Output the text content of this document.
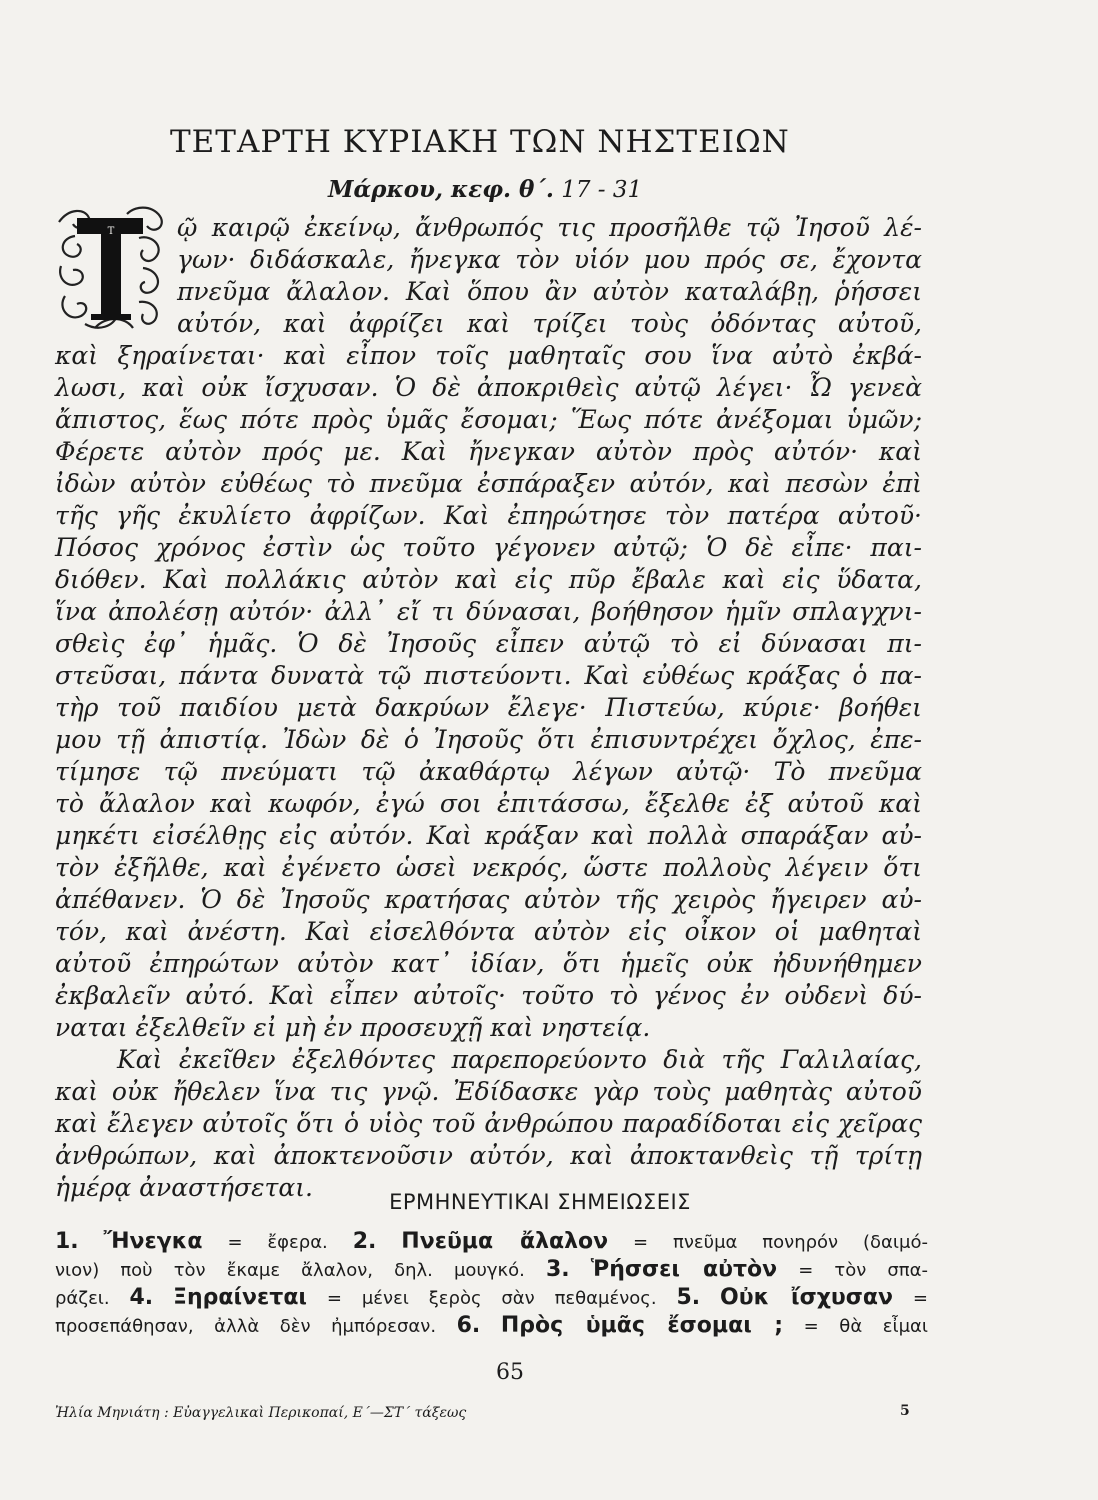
ΤΕΤΑΡΤΗ ΚΥΡΙΑΚΗ ΤΩΝ ΝΗΣΤΕΙΩΝ
Μάρκου, κεφ. θ΄. 17 - 31
Τ	ῷ καιρῷ ἐκείνῳ, ἄνθρωπός τις προσῆλθε τῷ Ἰησοῦ λέ-
γων· διδάσκαλε, ἤνεγκα τὸν υἱόν μου πρός σε, ἔχοντα
πνεῦμα ἄλαλον. Καὶ ὅπου ἂν αὐτὸν καταλάβῃ, ῥήσσει
αὐτόν, καὶ ἀφρίζει καὶ τρίζει τοὺς ὀδόντας αὐτοῦ,
καὶ ξηραίνεται· καὶ εἶπον τοῖς μαθηταῖς σου ἵνα αὐτὸ ἐκβά-
λωσι, καὶ οὐκ ἴσχυσαν. Ὁ δὲ ἀποκριθεὶς αὐτῷ λέγει· Ὦ γενεὰ
ἄπιστος, ἕως πότε πρὸς ὑμᾶς ἔσομαι; Ἕως πότε ἀνέξομαι ὑμῶν;
Φέρετε αὐτὸν πρός με. Καὶ ἤνεγκαν αὐτὸν πρὸς αὐτόν· καὶ
ἰδὼν αὐτὸν εὐθέως τὸ πνεῦμα ἐσπάραξεν αὐτόν, καὶ πεσὼν ἐπὶ
τῆς γῆς ἐκυλίετο ἀφρίζων. Καὶ ἐπηρώτησε τὸν πατέρα αὐτοῦ·
Πόσος χρόνος ἐστὶν ὡς τοῦτο γέγονεν αὐτῷ; Ὁ δὲ εἶπε· παι-
διόθεν. Καὶ πολλάκις αὐτὸν καὶ εἰς πῦρ ἔβαλε καὶ εἰς ὕδατα,
ἵνα ἀπολέσῃ αὐτόν· ἀλλ᾽ εἴ τι δύνασαι, βοήθησον ἡμῖν σπλαγχνι-
σθεὶς ἐφ᾽ ἡμᾶς. Ὁ δὲ Ἰησοῦς εἶπεν αὐτῷ τὸ εἰ δύνασαι πι-
στεῦσαι, πάντα δυνατὰ τῷ πιστεύοντι. Καὶ εὐθέως κράξας ὁ πα-
τὴρ τοῦ παιδίου μετὰ δακρύων ἔλεγε· Πιστεύω, κύριε· βοήθει
μου τῇ ἀπιστίᾳ. Ἰδὼν δὲ ὁ Ἰησοῦς ὅτι ἐπισυντρέχει ὄχλος, ἐπε-
τίμησε τῷ πνεύματι τῷ ἀκαθάρτῳ λέγων αὐτῷ· Τὸ πνεῦμα
τὸ ἄλαλον καὶ κωφόν, ἐγώ σοι ἐπιτάσσω, ἔξελθε ἐξ αὐτοῦ καὶ
μηκέτι εἰσέλθῃς εἰς αὐτόν. Καὶ κράξαν καὶ πολλὰ σπαράξαν αὐ-
τὸν ἐξῆλθε, καὶ ἐγένετο ὡσεὶ νεκρός, ὥστε πολλοὺς λέγειν ὅτι
ἀπέθανεν. Ὁ δὲ Ἰησοῦς κρατήσας αὐτὸν τῆς χειρὸς ἤγειρεν αὐ-
τόν, καὶ ἀνέστη. Καὶ εἰσελθόντα αὐτὸν εἰς οἶκον οἱ μαθηταὶ
αὐτοῦ ἐπηρώτων αὐτὸν κατ᾽ ἰδίαν, ὅτι ἡμεῖς οὐκ ἠδυνήθημεν
ἐκβαλεῖν αὐτό. Καὶ εἶπεν αὐτοῖς· τοῦτο τὸ γένος ἐν οὐδενὶ δύ-
ναται ἐξελθεῖν εἰ μὴ ἐν προσευχῇ καὶ νηστείᾳ.
Καὶ ἐκεῖθεν ἐξελθόντες παρεπορεύοντο διὰ τῆς Γαλιλαίας,
καὶ οὐκ ἤθελεν ἵνα τις γνῷ. Ἐδίδασκε γὰρ τοὺς μαθητὰς αὐτοῦ
καὶ ἔλεγεν αὐτοῖς ὅτι ὁ υἱὸς τοῦ ἀνθρώπου παραδίδοται εἰς χεῖρας
ἀνθρώπων, καὶ ἀποκτενοῦσιν αὐτόν, καὶ ἀποκτανθεὶς τῇ τρίτῃ
ἡμέρᾳ ἀναστήσεται.	ΕΡΜΗΝΕΥΤΙΚΑΙ ΣΗΜΕΙΩΣΕΙΣ
1. Ἤνεγκα = ἔφερα. 2. Πνεῦμα ἄλαλον = πνεῦμα πονηρόν (δαιμό-
νιον) ποὺ τὸν ἔκαμε ἄλαλον, δηλ. μουγκό. 3. Ῥήσσει αὐτὸν = τὸν σπα-
ράζει. 4. Ξηραίνεται = μένει ξερὸς σὰν πεθαμένος. 5. Οὐκ ἴσχυσαν =
προσεπάθησαν, ἀλλὰ δὲν ἠμπόρεσαν. 6. Πρὸς ὑμᾶς ἔσομαι ; = θὰ εἶμαι
65
Ἠλία Μηνιάτη : Εὐαγγελικαὶ Περικοπαί, Ε΄—ΣΤ΄ τάξεως	5
